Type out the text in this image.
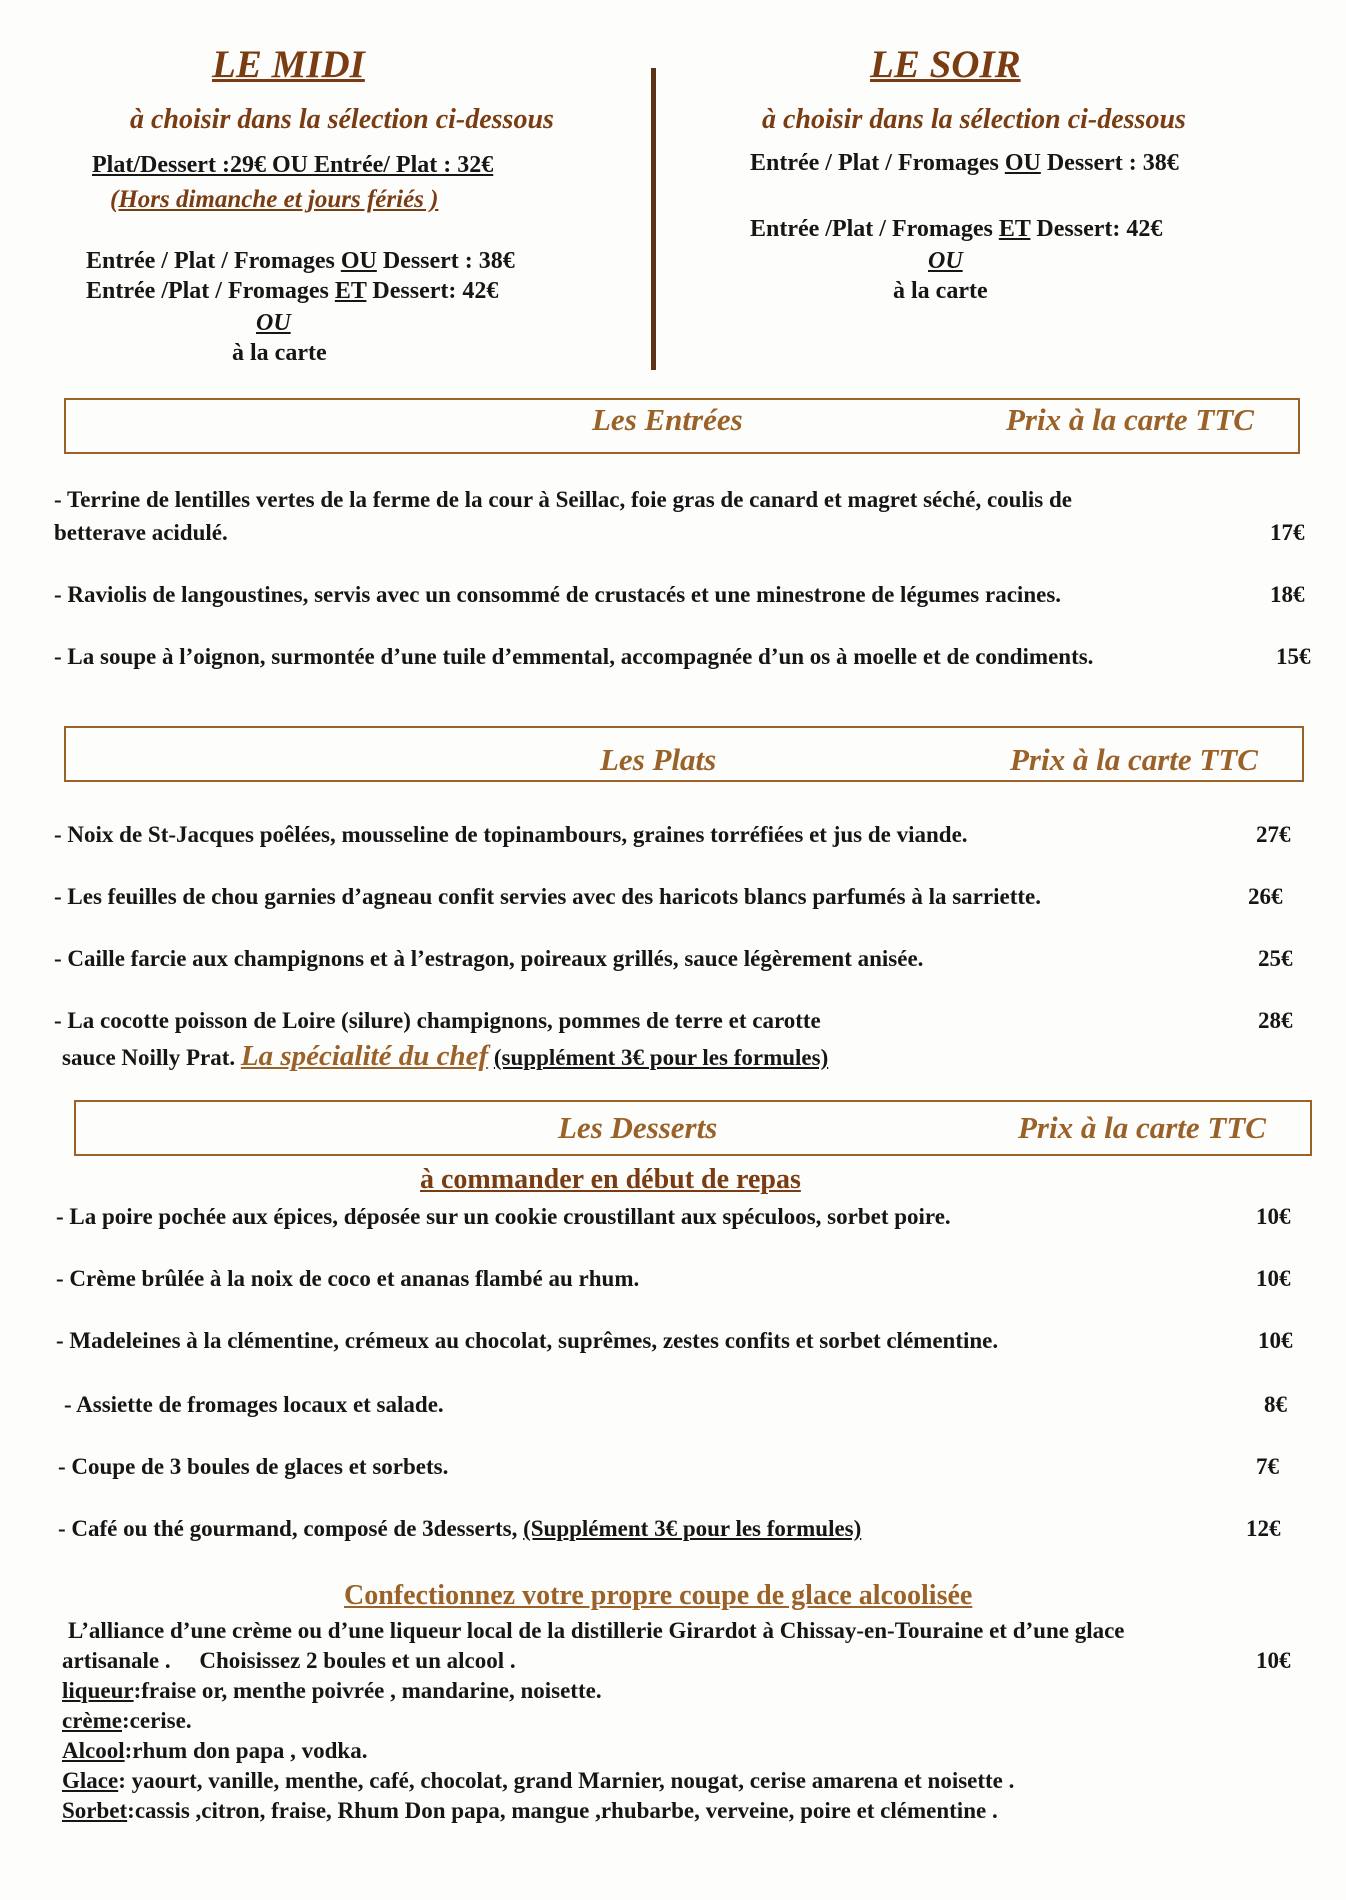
LE MIDI
à choisir dans la sélection ci-dessous
Plat/Dessert :29€ OU Entrée/ Plat : 32€
(Hors dimanche et jours fériés )
Entrée / Plat / Fromages OU Dessert : 38€
Entrée /Plat / Fromages ET Dessert: 42€
OU
à la carte
LE SOIR
à choisir dans la sélection ci-dessous
Entrée / Plat / Fromages OU Dessert : 38€
Entrée /Plat / Fromages ET Dessert: 42€
OU
à la carte
Les Entrées	Prix à la carte TTC
- Terrine de lentilles vertes de la ferme de la cour à Seillac, foie gras de canard et magret séché, coulis de
betterave acidulé.	17€
- Raviolis de langoustines, servis avec un consommé de crustacés et une minestrone de légumes racines.	18€
- La soupe à l’oignon, surmontée d’une tuile d’emmental, accompagnée d’un os à moelle et de condiments.	15€
Les Plats	Prix à la carte TTC
- Noix de St-Jacques poêlées, mousseline de topinambours, graines torréfiées et jus de viande.	27€
- Les feuilles de chou garnies d’agneau confit servies avec des haricots blancs parfumés à la sarriette.	26€
- Caille farcie aux champignons et à l’estragon, poireaux grillés, sauce légèrement anisée.	25€
- La cocotte poisson de Loire (silure) champignons, pommes de terre et carotte	28€
sauce Noilly Prat. La spécialité du chef (supplément 3€ pour les formules)
Les Desserts	Prix à la carte TTC
à commander en début de repas
- La poire pochée aux épices, déposée sur un cookie croustillant aux spéculoos, sorbet poire.	10€
- Crème brûlée à la noix de coco et ananas flambé au rhum.	10€
- Madeleines à la clémentine, crémeux au chocolat, suprêmes, zestes confits et sorbet clémentine.	10€
- Assiette de fromages locaux et salade.	8€
- Coupe de 3 boules de glaces et sorbets.	7€
- Café ou thé gourmand, composé de 3desserts, (Supplément 3€ pour les formules)	12€
Confectionnez votre propre coupe de glace alcoolisée
L’alliance d’une crème ou d’une liqueur local de la distillerie Girardot à Chissay-en-Touraine et d’une glace
artisanale .     Choisissez 2 boules et un alcool .	10€
liqueur:fraise or, menthe poivrée , mandarine, noisette.
crème:cerise.
Alcool:rhum don papa , vodka.
Glace: yaourt, vanille, menthe, café, chocolat, grand Marnier, nougat, cerise amarena et noisette .
Sorbet:cassis ,citron, fraise, Rhum Don papa, mangue ,rhubarbe, verveine, poire et clémentine .
